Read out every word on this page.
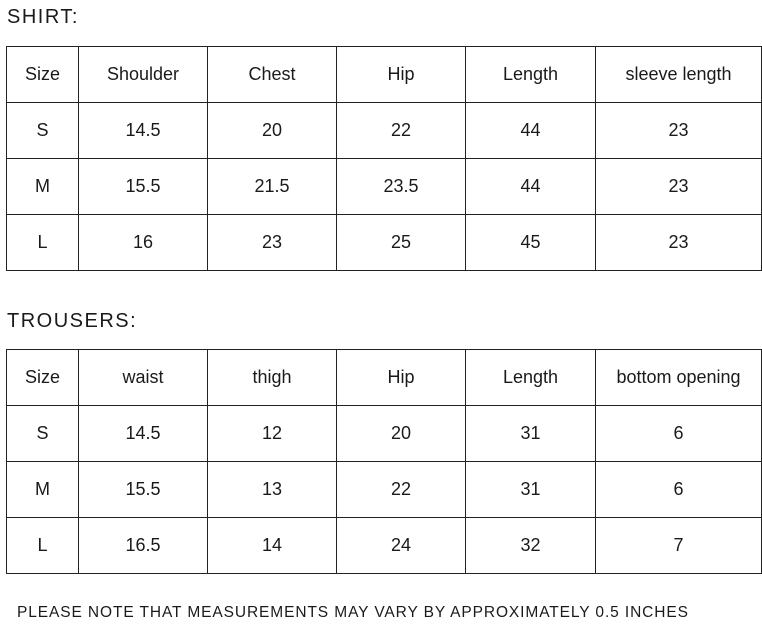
SHIRT:
Size	Shoulder	Chest	Hip	Length	sleeve length
S	14.5	20	22	44	23
M	15.5	21.5	23.5	44	23
L	16	23	25	45	23
TROUSERS:
Size	waist	thigh	Hip	Length	bottom opening
S	14.5	12	20	31	6
M	15.5	13	22	31	6
L	16.5	14	24	32	7

PLEASE NOTE THAT MEASUREMENTS MAY VARY BY APPROXIMATELY 0.5 INCHES
